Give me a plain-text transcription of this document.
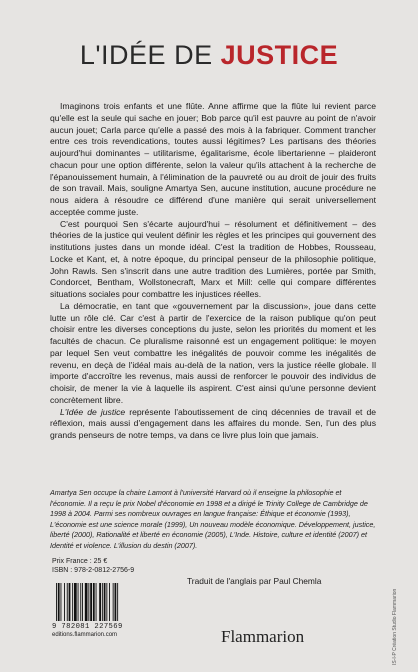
L'IDÉE DE JUSTICE

Imaginons trois enfants et une flûte. Anne affirme que la flûte lui revient parce qu'elle est la seule qui sache en jouer; Bob parce qu'il est pauvre au point de n'avoir aucun jouet; Carla parce qu'elle a passé des mois à la fabriquer. Comment trancher entre ces trois revendications, toutes aussi légitimes? Les partisans des théories aujourd'hui dominantes – utilitarisme, égalitarisme, école libertarienne – plaideront chacun pour une option différente, selon la valeur qu'ils attachent à la recherche de l'épanouissement humain, à l'élimination de la pauvreté ou au droit de jouir des fruits de son travail. Mais, souligne Amartya Sen, aucune institution, aucune procédure ne nous aidera à résoudre ce différend d'une manière qui serait universellement acceptée comme juste.

C'est pourquoi Sen s'écarte aujourd'hui – résolument et définitivement – des théories de la justice qui veulent définir les règles et les principes qui gouvernent des institutions justes dans un monde idéal. C'est la tradition de Hobbes, Rousseau, Locke et Kant, et, à notre époque, du principal penseur de la philosophie politique, John Rawls. Sen s'inscrit dans une autre tradition des Lumières, portée par Smith, Condorcet, Bentham, Wollstonecraft, Marx et Mill: celle qui compare différentes situations sociales pour combattre les injustices réelles.

La démocratie, en tant que «gouvernement par la discussion», joue dans cette lutte un rôle clé. Car c'est à partir de l'exercice de la raison publique qu'on peut choisir entre les diverses conceptions du juste, selon les priorités du moment et les facultés de chacun. Ce pluralisme raisonné est un engagement politique: le moyen par lequel Sen veut combattre les inégalités de pouvoir comme les inégalités de revenu, en deçà de l'idéal mais au-delà de la nation, vers la justice réelle globale. Il importe d'accroître les revenus, mais aussi de renforcer le pouvoir des individus de choisir, de mener la vie à laquelle ils aspirent. C'est ainsi qu'une personne devient concrètement libre.

L'Idée de justice représente l'aboutissement de cinq décennies de travail et de réflexion, mais aussi d'engagement dans les affaires du monde. Sen, l'un des plus grands penseurs de notre temps, va dans ce livre plus loin que jamais.

Amartya Sen occupe la chaire Lamont à l'université Harvard où il enseigne la philosophie et l'économie. Il a reçu le prix Nobel d'économie en 1998 et a dirigé le Trinity College de Cambridge de 1998 à 2004. Parmi ses nombreux ouvrages en langue française: Éthique et économie (1993), L'économie est une science morale (1999), Un nouveau modèle économique. Développement, justice, liberté (2000), Rationalité et liberté en économie (2005), L'Inde. Histoire, culture et identité (2007) et Identité et violence. L'illusion du destin (2007).

Prix France : 25 €
ISBN : 978-2-0812-2756-9
9 782081 227569
editions.flammarion.com
Traduit de l'anglais par Paul Chemla
Flammarion	IS-I-P Création Studio Flammarion
